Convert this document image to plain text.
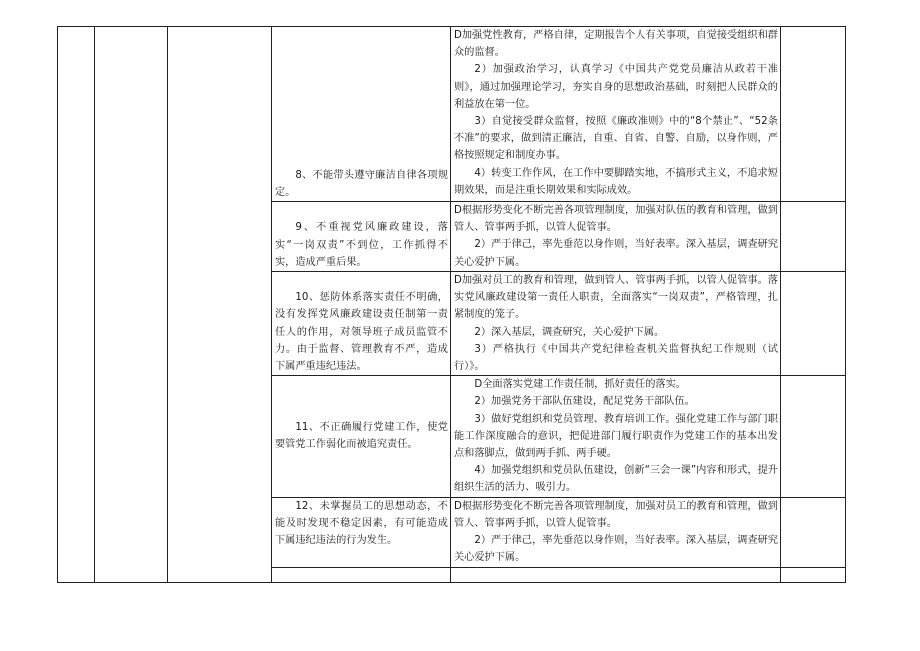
			8、不能带头遵守廉洁自律各项规定。	D加强党性教育，严格自律，定期报告个人有关事项，自觉接受组织和群众的监督。

2）加强政治学习，认真学习《中国共产党党员廉洁从政若干准则》，通过加强理论学习，夯实自身的思想政治基础，时刻把人民群众的利益放在第一位。

3）自觉接受群众监督，按照《廉政准则》中的“8个禁止”、“52条不准”的要求，做到清正廉洁，自重、自省、自警、自励，以身作则，严格按照规定和制度办事。

4）转变工作作风，在工作中要脚踏实地，不搞形式主义，不追求短期效果，而是注重长期效果和实际成效。	

			9、不重视党风廉政建设，落实“一岗双责”不到位，工作抓得不实，造成严重后果。	D根据形势变化不断完善各项管理制度，加强对队伍的教育和管理，做到管人、管事两手抓，以管人促管事。

2）严于律己，率先垂范以身作则，当好表率。深入基层，调查研究关心爱护下属。	

			10、惩防体系落实责任不明确，没有发挥党风廉政建设责任制第一责任人的作用，对领导班子成员监管不力。由于监督、管理教育不严，造成下属严重违纪违法。	D加强对员工的教育和管理，做到管人、管事两手抓，以管人促管事。落实党风廉政建设第一责任人职责，全面落实“一岗双责”，严格管理，扎紧制度的笼子。

2）深入基层，调查研究，关心爱护下属。

3）严格执行《中国共产党纪律检查机关监督执纪工作规则（试行）》。	

			11、不正确履行党建工作，使党要管党工作弱化而被追究责任。	D全面落实党建工作责任制，抓好责任的落实。

2）加强党务干部队伍建设，配足党务干部队伍。

3）做好党组织和党员管理、教育培训工作。强化党建工作与部门职能工作深度融合的意识，把促进部门履行职责作为党建工作的基本出发点和落脚点，做到两手抓、两手硬。

4）加强党组织和党员队伍建设，创新“三会一课”内容和形式，提升组织生活的活力、吸引力。	

			12、未掌握员工的思想动态，不能及时发现不稳定因素，有可能造成下属违纪违法的行为发生。	D根据形势变化不断完善各项管理制度，加强对员工的教育和管理，做到管人、管事两手抓，以管人促管事。

2）严于律己，率先垂范以身作则，当好表率。深入基层，调查研究关心爱护下属。	
